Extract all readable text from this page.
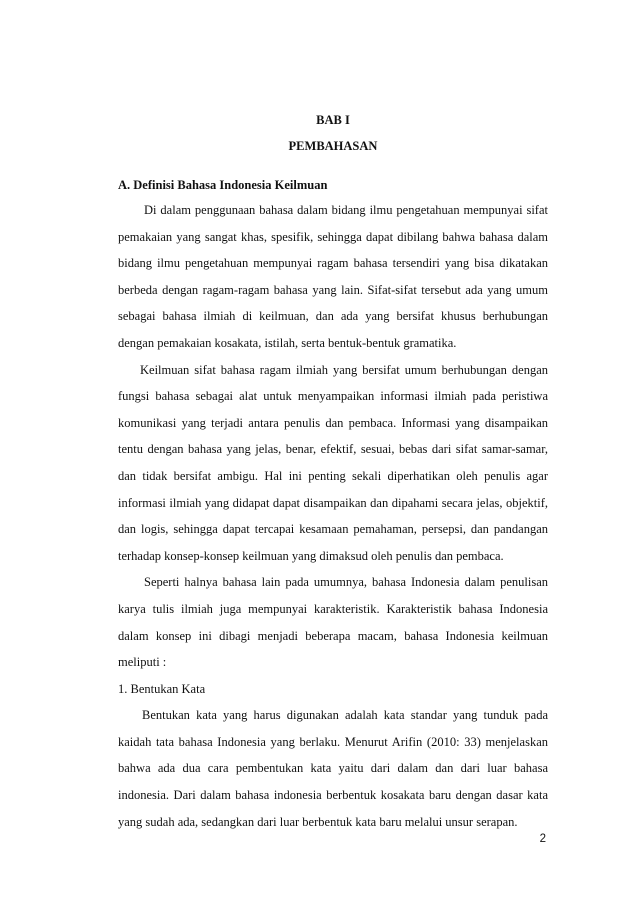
BAB I
PEMBAHASAN
A. Definisi Bahasa Indonesia Keilmuan

Di dalam penggunaan bahasa dalam bidang ilmu pengetahuan mempunyai sifat pemakaian yang sangat khas, spesifik, sehingga dapat dibilang bahwa bahasa dalam bidang ilmu pengetahuan mempunyai ragam bahasa tersendiri yang bisa dikatakan berbeda dengan ragam-ragam bahasa yang lain. Sifat-sifat tersebut ada yang umum sebagai bahasa ilmiah di keilmuan, dan ada yang bersifat khusus berhubungan dengan pemakaian kosakata, istilah, serta bentuk-bentuk gramatika.

Keilmuan sifat bahasa ragam ilmiah yang bersifat umum berhubungan dengan fungsi bahasa sebagai alat untuk menyampaikan informasi ilmiah pada peristiwa komunikasi yang terjadi antara penulis dan pembaca. Informasi yang disampaikan tentu dengan bahasa yang jelas, benar, efektif, sesuai, bebas dari sifat samar-samar, dan tidak bersifat ambigu. Hal ini penting sekali diperhatikan oleh penulis agar informasi ilmiah yang didapat dapat disampaikan dan dipahami secara jelas, objektif, dan logis, sehingga dapat tercapai kesamaan pemahaman, persepsi, dan pandangan terhadap konsep-konsep keilmuan yang dimaksud oleh penulis dan pembaca.

Seperti halnya bahasa lain pada umumnya, bahasa Indonesia dalam penulisan karya tulis ilmiah juga mempunyai karakteristik. Karakteristik bahasa Indonesia dalam konsep ini dibagi menjadi beberapa macam, bahasa Indonesia keilmuan meliputi :

1. Bentukan Kata

Bentukan kata yang harus digunakan adalah kata standar yang tunduk pada kaidah tata bahasa Indonesia yang berlaku. Menurut Arifin (2010: 33) menjelaskan bahwa ada dua cara pembentukan kata yaitu dari dalam dan dari luar bahasa indonesia. Dari dalam bahasa indonesia berbentuk kosakata baru dengan dasar kata yang sudah ada, sedangkan dari luar berbentuk kata baru melalui unsur serapan.

2
